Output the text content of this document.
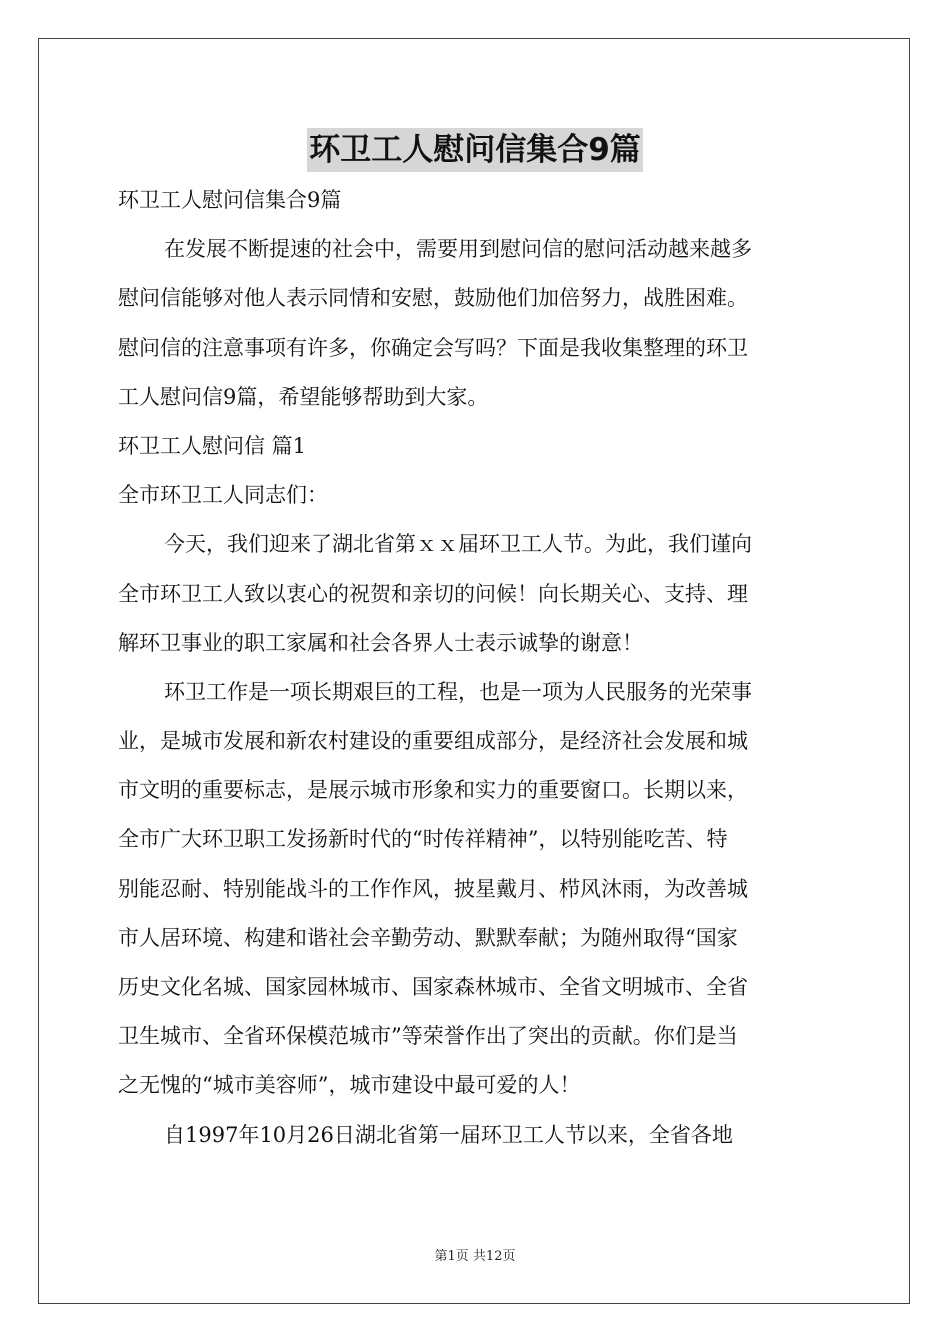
环卫工人慰问信集合9篇
环卫工人慰问信集合9篇
在发展不断提速的社会中，需要用到慰问信的慰问活动越来越多
慰问信能够对他人表示同情和安慰，鼓励他们加倍努力，战胜困难。
慰问信的注意事项有许多，你确定会写吗？下面是我收集整理的环卫
工人慰问信9篇，希望能够帮助到大家。
环卫工人慰问信 篇1
全市环卫工人同志们：
今天，我们迎来了湖北省第ｘｘ届环卫工人节。为此，我们谨向
全市环卫工人致以衷心的祝贺和亲切的问候！向长期关心、支持、理
解环卫事业的职工家属和社会各界人士表示诚挚的谢意！
环卫工作是一项长期艰巨的工程，也是一项为人民服务的光荣事
业，是城市发展和新农村建设的重要组成部分，是经济社会发展和城
市文明的重要标志，是展示城市形象和实力的重要窗口。长期以来，
全市广大环卫职工发扬新时代的“时传祥精神”，以特别能吃苦、特
别能忍耐、特别能战斗的工作作风，披星戴月、栉风沐雨，为改善城
市人居环境、构建和谐社会辛勤劳动、默默奉献；为随州取得“国家
历史文化名城、国家园林城市、国家森林城市、全省文明城市、全省
卫生城市、全省环保模范城市”等荣誉作出了突出的贡献。你们是当
之无愧的“城市美容师”，城市建设中最可爱的人！
自1997年10月26日湖北省第一届环卫工人节以来，全省各地
第1页 共12页
